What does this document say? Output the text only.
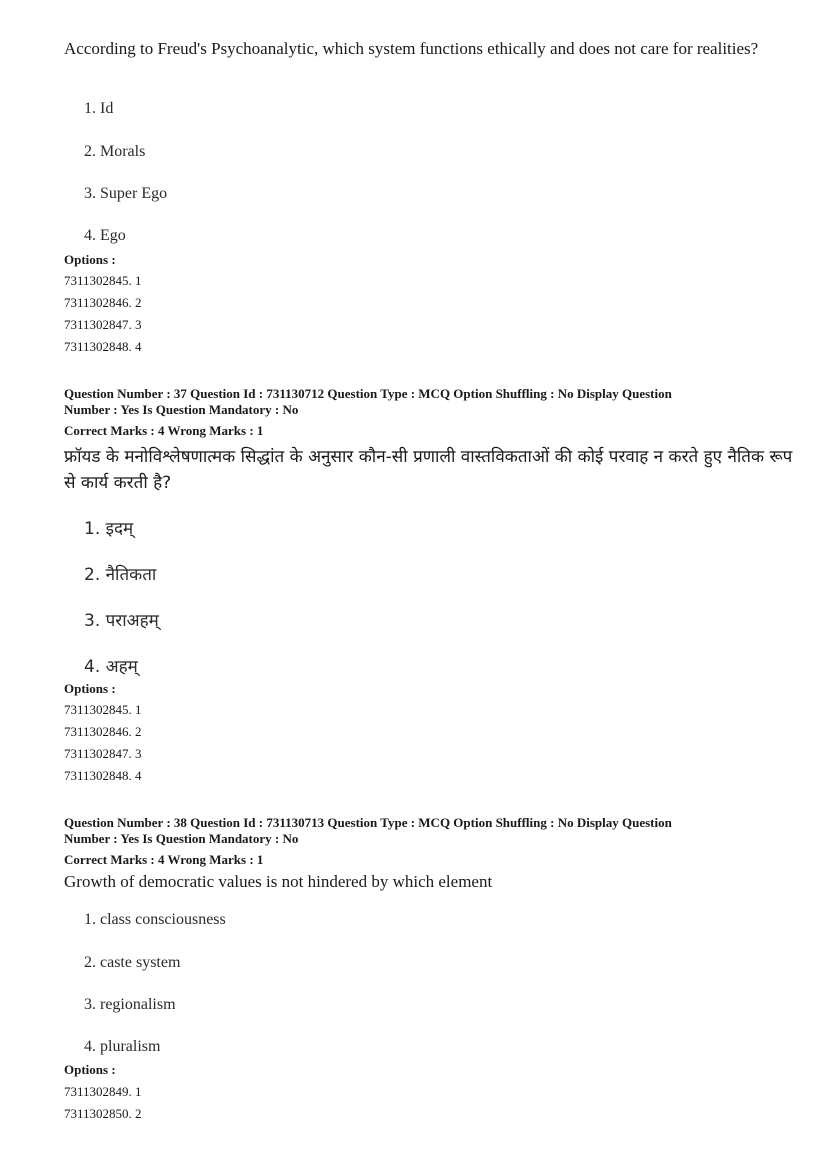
According to Freud's Psychoanalytic, which system functions ethically and does not care for realities?
1. Id
2. Morals
3. Super Ego
4. Ego
Options :
7311302845. 1
7311302846. 2
7311302847. 3
7311302848. 4
Question Number : 37 Question Id : 731130712 Question Type : MCQ Option Shuffling : No Display Question
Number : Yes Is Question Mandatory : No
Correct Marks : 4 Wrong Marks : 1
फ्रॉयड के मनोविश्लेषणात्मक सिद्धांत के अनुसार कौन-सी प्रणाली वास्तविकताओं की कोई परवाह न करते हुए नैतिक रूप से कार्य करती है?
1. इदम्
2. नैतिकता
3. पराअहम्
4. अहम्
Options :
7311302845. 1
7311302846. 2
7311302847. 3
7311302848. 4
Question Number : 38 Question Id : 731130713 Question Type : MCQ Option Shuffling : No Display Question
Number : Yes Is Question Mandatory : No
Correct Marks : 4 Wrong Marks : 1
Growth of democratic values is not hindered by which element
1. class consciousness
2. caste system
3. regionalism
4. pluralism
Options :
7311302849. 1
7311302850. 2
